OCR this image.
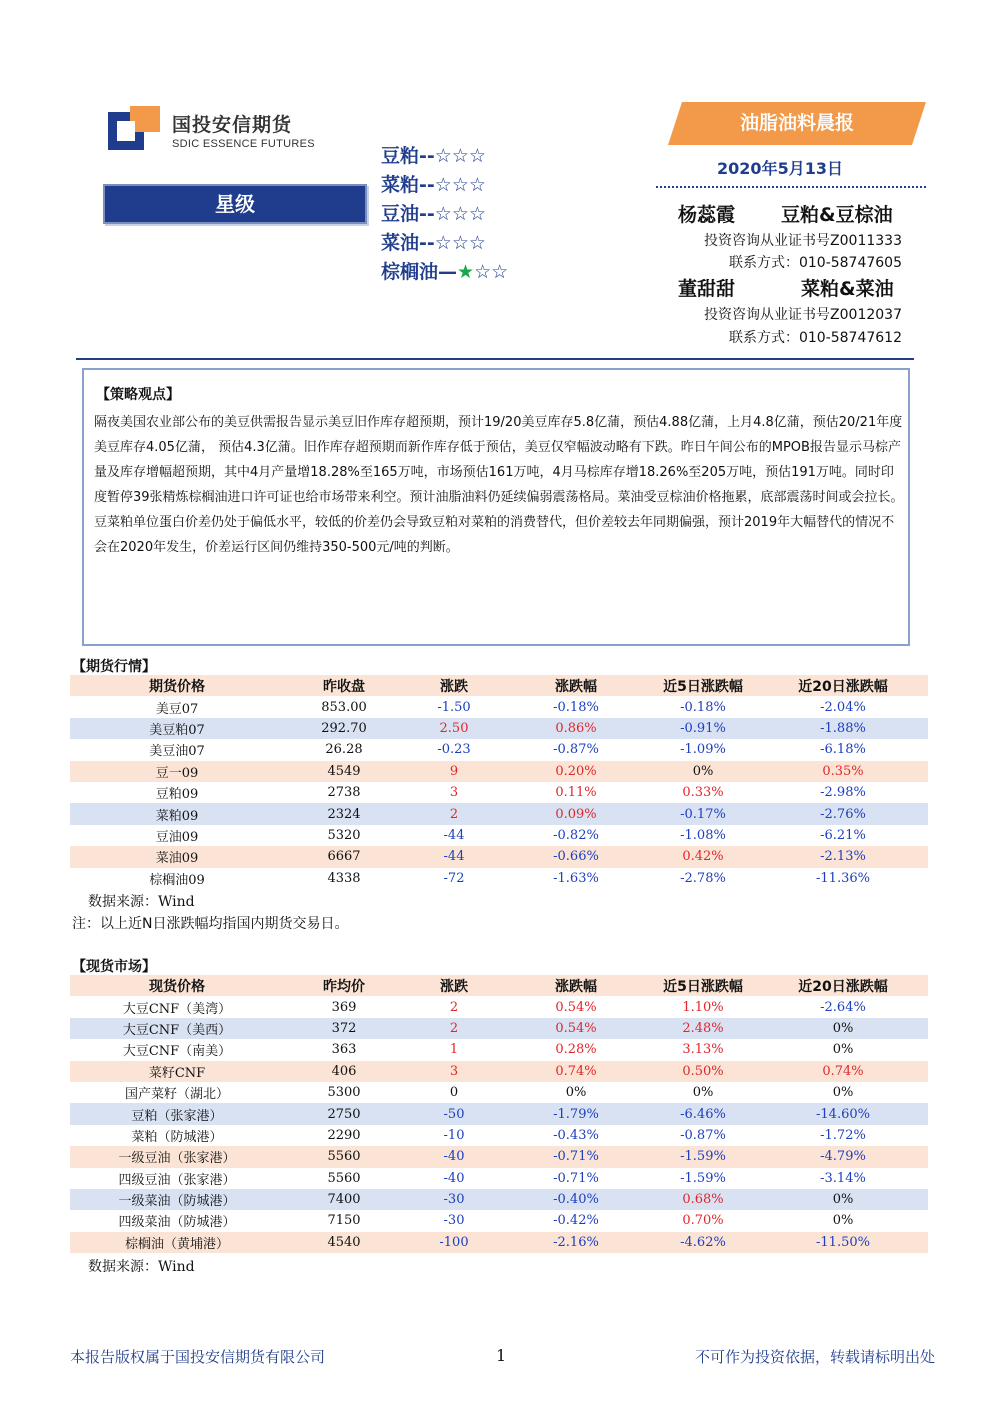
国投安信期货
SDIC ESSENCE FUTURES
星级
豆粕--☆☆☆
菜粕--☆☆☆
豆油--☆☆☆
菜油--☆☆☆
棕榈油—★☆☆
油脂油料晨报
2020年5月13日
杨蕊霞 豆粕&豆棕油
投资咨询从业证书号Z0011333
联系方式：010-58747605
董甜甜	菜粕&菜油
投资咨询从业证书号Z0012037
联系方式：010-58747612
【策略观点】
隔夜美国农业部公布的美豆供需报告显示美豆旧作库存超预期，预计19/20美豆库存5.8亿蒲，预估4.88亿蒲，上月4.8亿蒲，预估20/21年度美豆库存4.05亿蒲， 预估4.3亿蒲。旧作库存超预期而新作库存低于预估，美豆仅窄幅波动略有下跌。昨日午间公布的MPOB报告显示马棕产量及库存增幅超预期，其中4月产量增18.28%至165万吨，市场预估161万吨，4月马棕库存增18.26%至205万吨，预估191万吨。同时印度暂停39张精炼棕榈油进口许可证也给市场带来利空。预计油脂油料仍延续偏弱震荡格局。菜油受豆棕油价格拖累，底部震荡时间或会拉长。豆菜粕单位蛋白价差仍处于偏低水平，较低的价差仍会导致豆粕对菜粕的消费替代，但价差较去年同期偏强，预计2019年大幅替代的情况不会在2020年发生，价差运行区间仍维持350-500元/吨的判断。
【期货行情】
期货价格	昨收盘	涨跌	涨跌幅	近5日涨跌幅	近20日涨跌幅
美豆07	853.00	-1.50	-0.18%	-0.18%	-2.04%
美豆粕07	292.70	2.50	0.86%	-0.91%	-1.88%
美豆油07	26.28	-0.23	-0.87%	-1.09%	-6.18%
豆一09	4549	9	0.20%	0%	0.35%
豆粕09	2738	3	0.11%	0.33%	-2.98%
菜粕09	2324	2	0.09%	-0.17%	-2.76%
豆油09	5320	-44	-0.82%	-1.08%	-6.21%
菜油09	6667	-44	-0.66%	0.42%	-2.13%
棕榈油09	4338	-72	-1.63%	-2.78%	-11.36%
数据来源：Wind
注：以上近N日涨跌幅均指国内期货交易日。
【现货市场】
现货价格	昨均价	涨跌	涨跌幅	近5日涨跌幅	近20日涨跌幅
大豆CNF（美湾）	369	2	0.54%	1.10%	-2.64%
大豆CNF（美西）	372	2	0.54%	2.48%	0%
大豆CNF（南美）	363	1	0.28%	3.13%	0%
菜籽CNF	406	3	0.74%	0.50%	0.74%
国产菜籽（湖北）	5300	0	0%	0%	0%
豆粕（张家港）	2750	-50	-1.79%	-6.46%	-14.60%
菜粕（防城港）	2290	-10	-0.43%	-0.87%	-1.72%
一级豆油（张家港）	5560	-40	-0.71%	-1.59%	-4.79%
四级豆油（张家港）	5560	-40	-0.71%	-1.59%	-3.14%
一级菜油（防城港）	7400	-30	-0.40%	0.68%	0%
四级菜油（防城港）	7150	-30	-0.42%	0.70%	0%
棕榈油（黄埔港）	4540	-100	-2.16%	-4.62%	-11.50%
数据来源：Wind
本报告版权属于国投安信期货有限公司	1	不可作为投资依据，转载请标明出处
